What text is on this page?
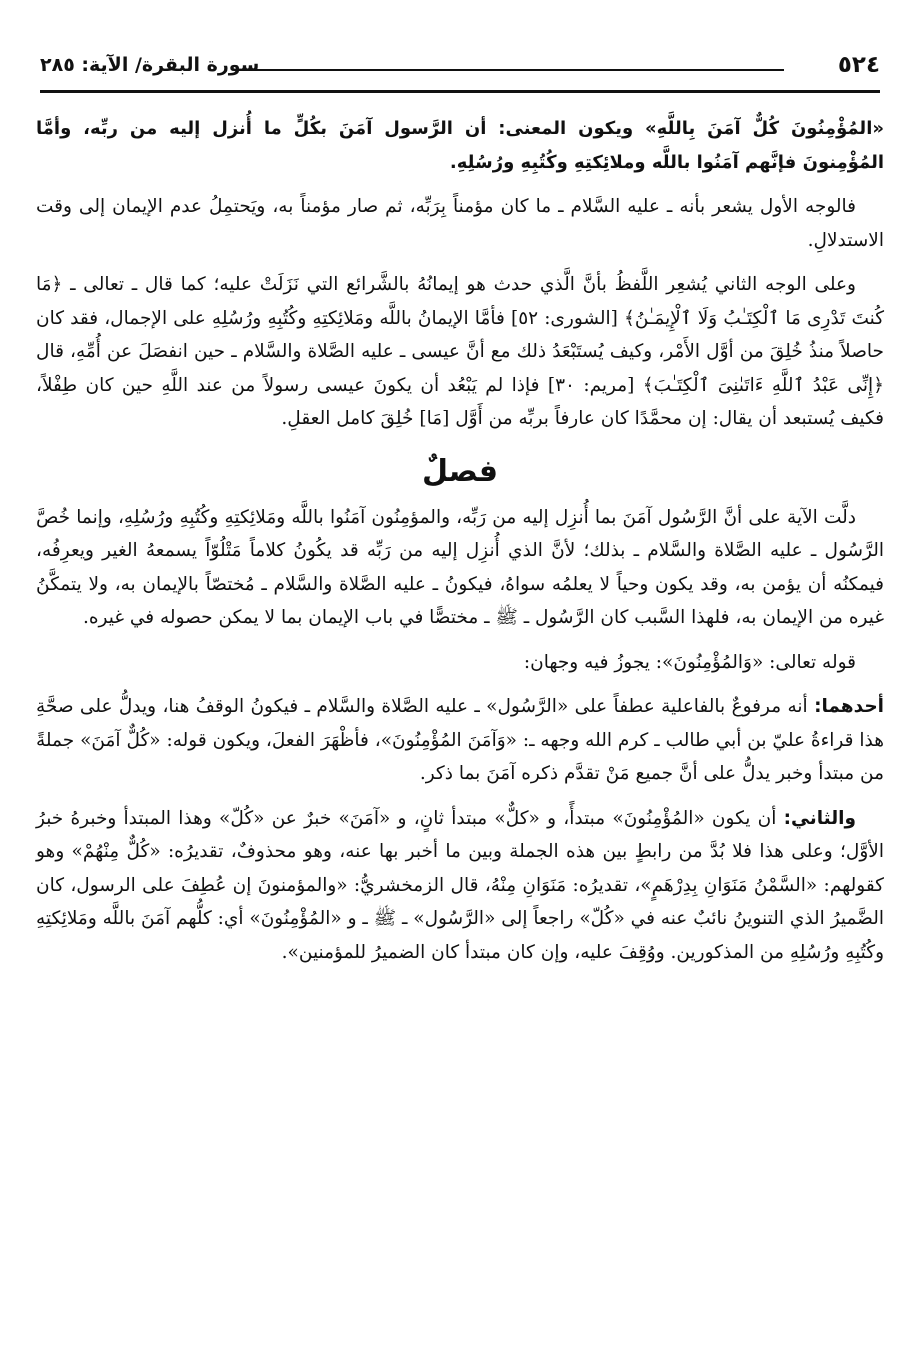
٥٢٤
سورة البقرة/ الآية: ٢٨٥

«المُؤْمِنُونَ كُلٌّ آمَنَ بِاللَّهِ» ويكون المعنى: أن الرَّسول آمَنَ بكُلٍّ ما أُنزل إليه من ربِّه، وأمَّا المُؤْمِنونَ فإنَّهم آمَنُوا باللَّه وملائِكتِهِ وكُتُبِهِ ورُسُلِهِ.

فالوجه الأول يشعر بأنه ـ عليه السَّلام ـ ما كان مؤمناً بِرَبِّه، ثم صار مؤمناً به، ويَحتمِلُ عدم الإيمان إلى وقت الاستدلالِ.

وعلى الوجه الثاني يُشعِر اللَّفظُ بأنَّ الَّذي حدث هو إيمانُهُ بالشَّرائع التي نَزَلَتْ عليه؛ كما قال ـ تعالى ـ ﴿مَا كُنتَ تَدْرِى مَا ٱلْكِتَـٰبُ وَلَا ٱلْإِيمَـٰنُ﴾ [الشورى: ٥٢] فأمَّا الإيمانُ باللَّه ومَلائِكتِهِ وكُتُبِهِ ورُسُلِهِ على الإجمال، فقد كان حاصلاً منذُ خُلِقَ من أوَّل الأَمْر، وكيف يُستَبْعَدُ ذلك مع أنَّ عيسى ـ عليه الصَّلاة والسَّلام ـ حين انفصَلَ عن أُمِّهِ، قال ﴿إِنِّى عَبْدُ ٱللَّهِ ءَاتَىٰنِىَ ٱلْكِتَـٰبَ﴾ [مريم: ٣٠] فإذا لم يَبْعُد أن يكونَ عيسى رسولاً من عند اللَّهِ حين كان طِفْلاً، فكيف يُستبعد أن يقال: إن محمَّدًا كان عارفاً بربِّه من أَوَّل [مَا] خُلِقَ كامل العقلِ.

فصلٌ

دلَّت الآية على أنَّ الرَّسُول آمَنَ بما أُنزِل إليه من رَبِّه، والمؤمِنُون آمَنُوا باللَّه ومَلائِكتِهِ وكُتُبِهِ ورُسُلِهِ، وإنما خُصَّ الرَّسُول ـ عليه الصَّلاة والسَّلام ـ بذلك؛ لأنَّ الذي أُنزِل إليه من رَبِّه قد يكُونُ كلاماً مَتْلُوّاً يسمعهُ الغير ويعرِفُه، فيمكنُه أن يؤمن به، وقد يكون وحياً لا يعلمُه سواهُ، فيكونُ ـ عليه الصَّلاة والسَّلام ـ مُختصّاً بالإيمان به، ولا يتمكَّنُ غيره من الإيمان به، فلهذا السَّبب كان الرَّسُول ـ ﷺ ـ مختصًّا في باب الإيمان بما لا يمكن حصوله في غيره.

قوله تعالى: «وَالمُؤْمِنُونَ»: يجوزُ فيه وجهان:

أحدهما: أنه مرفوعٌ بالفاعلية عطفاً على «الرَّسُول» ـ عليه الصَّلاة والسَّلام ـ فيكونُ الوقفُ هنا، ويدلُّ على صحَّةِ هذا قراءةُ عليّ بن أبي طالب ـ كرم الله وجهه ـ: «وَآمَنَ المُؤْمِنُونَ»، فأظْهَرَ الفعلَ، ويكون قوله: «كُلٌّ آمَنَ» جملةً من مبتدأ وخبر يدلُّ على أنَّ جميع مَنْ تقدَّم ذكره آمَنَ بما ذكر.

والثاني: أن يكون «المُؤْمِنُونَ» مبتدأً، و «كلٌّ» مبتدأ ثانٍ، و «آمَنَ» خبرٌ عن «كُلّ» وهذا المبتدأ وخبرهُ خبرُ الأوَّل؛ وعلى هذا فلا بُدَّ من رابطٍ بين هذه الجملة وبين ما أخبر بها عنه، وهو محذوفٌ، تقديرُه: «كُلٌّ مِنْهُمْ» وهو كقولهم: «السَّمْنُ مَنَوَانِ بِدِرْهَمٍ»، تقديرُه: مَنَوَانِ مِنْهُ، قال الزمخشريُّ: «والمؤمنونَ إن عُطِفَ على الرسول، كان الضَّميرُ الذي التنوينُ نائبٌ عنه في «كُلّ» راجعاً إلى «الرَّسُول» ـ ﷺ ـ و «المُؤْمِنُونَ» أي: كلُّهم آمَنَ باللَّه ومَلائِكتِهِ وكُتُبِهِ ورُسُلِهِ من المذكورين. ووُقِفَ عليه، وإن كان مبتدأ كان الضميرُ للمؤمنين».
